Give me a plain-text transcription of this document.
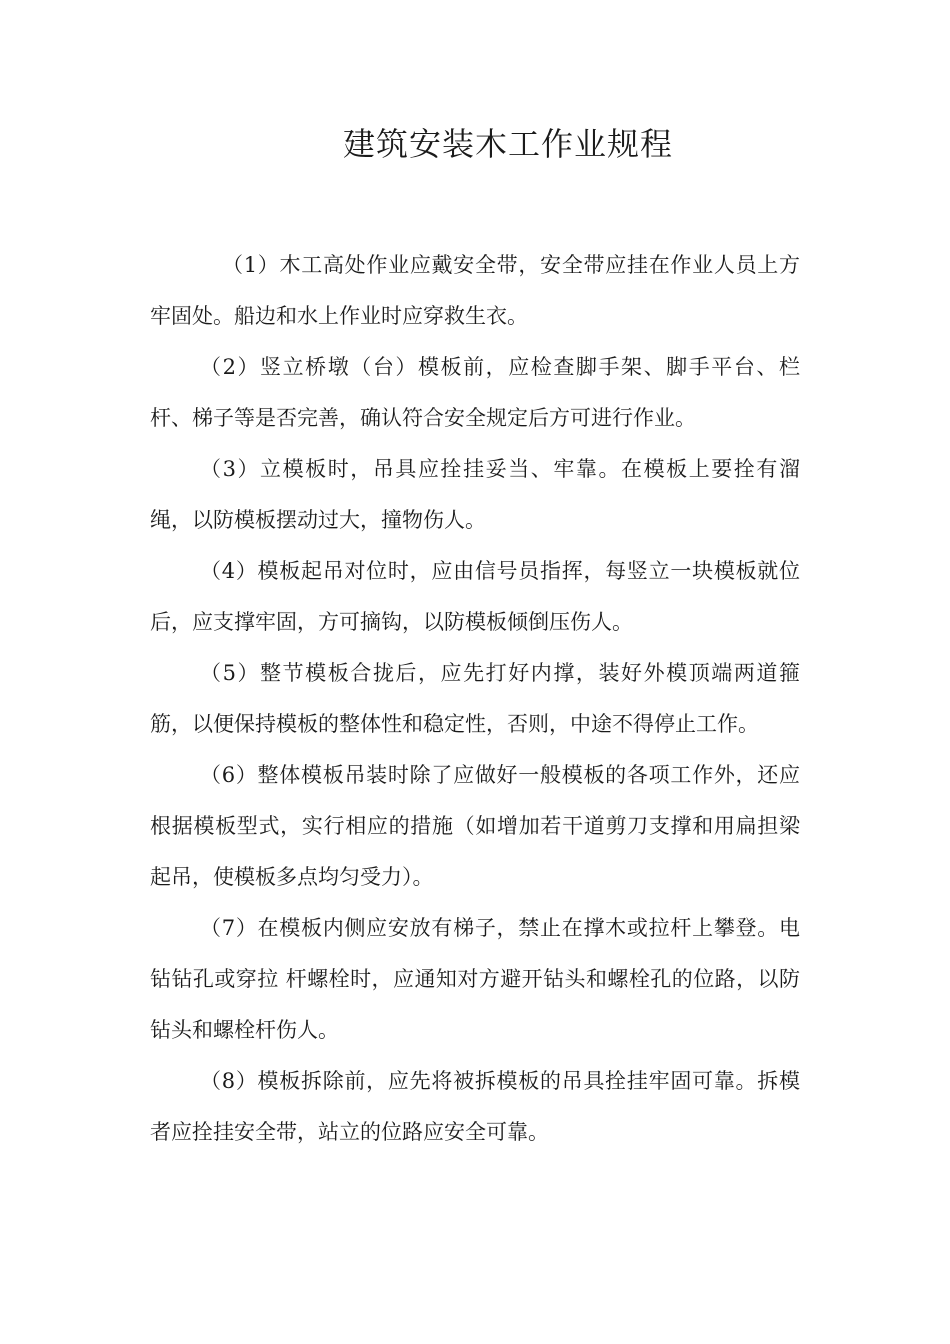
建筑安装木工作业规程

（1）木工高处作业应戴安全带，安全带应挂在作业人员上方牢固处。船边和水上作业时应穿救生衣。

（2）竖立桥墩（台）模板前，应检查脚手架、脚手平台、栏杆、梯子等是否完善，确认符合安全规定后方可进行作业。

（3）立模板时，吊具应拴挂妥当、牢靠。在模板上要拴有溜绳，以防模板摆动过大，撞物伤人。

（4）模板起吊对位时，应由信号员指挥，每竖立一块模板就位后，应支撑牢固，方可摘钩，以防模板倾倒压伤人。

（5）整节模板合拢后，应先打好内撑，装好外模顶端两道箍筋，以便保持模板的整体性和稳定性，否则，中途不得停止工作。

（6）整体模板吊装时除了应做好一般模板的各项工作外，还应根据模板型式，实行相应的措施（如增加若干道剪刀支撑和用扁担梁起吊，使模板多点均匀受力）。

（7）在模板内侧应安放有梯子，禁止在撑木或拉杆上攀登。电钻钻孔或穿拉 杆螺栓时，应通知对方避开钻头和螺栓孔的位路，以防钻头和螺栓杆伤人。

（8）模板拆除前，应先将被拆模板的吊具拴挂牢固可靠。拆模者应拴挂安全带，站立的位路应安全可靠。
